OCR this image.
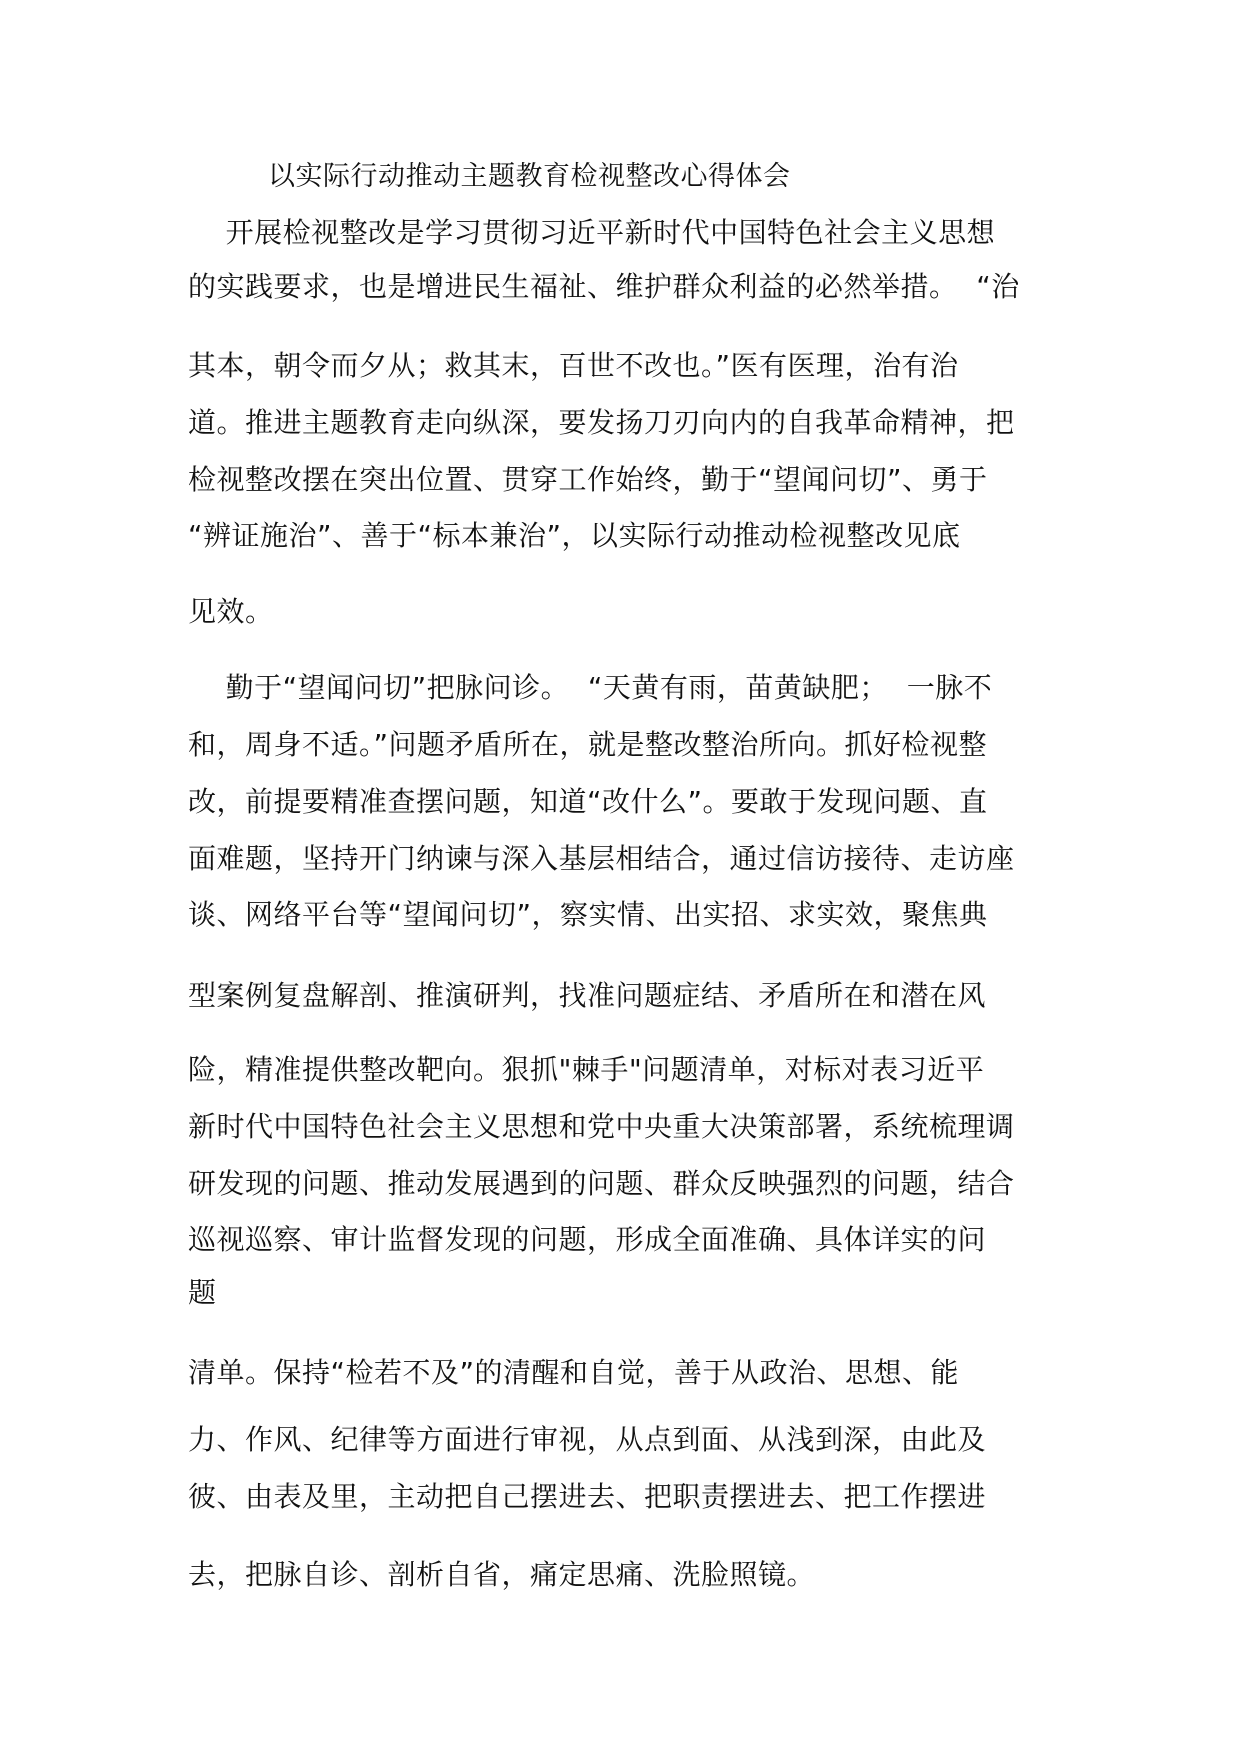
以实际行动推动主题教育检视整改心得体会
开展检视整改是学习贯彻习近平新时代中国特色社会主义思想
的实践要求，也是增进民生福祉、维护群众利益的必然举措。  “治
其本，朝令而夕从；救其末，百世不改也。”医有医理，治有治
道。推进主题教育走向纵深，要发扬刀刃向内的自我革命精神，把
检视整改摆在突出位置、贯穿工作始终，勤于“望闻问切”、勇于
“辨证施治”、善于“标本兼治”，以实际行动推动检视整改见底
见效。
勤于“望闻问切”把脉问诊。  “天黄有雨，苗黄缺肥；  一脉不
和，周身不适。”问题矛盾所在，就是整改整治所向。抓好检视整
改，前提要精准查摆问题，知道“改什么”。要敢于发现问题、直
面难题，坚持开门纳谏与深入基层相结合，通过信访接待、走访座
谈、网络平台等“望闻问切”，察实情、出实招、求实效，聚焦典
型案例复盘解剖、推演研判，找准问题症结、矛盾所在和潜在风
险，精准提供整改靶向。狠抓"棘手"问题清单，对标对表习近平
新时代中国特色社会主义思想和党中央重大决策部署，系统梳理调
研发现的问题、推动发展遇到的问题、群众反映强烈的问题，结合
巡视巡察、审计监督发现的问题，形成全面准确、具体详实的问
题
清单。保持“检若不及”的清醒和自觉，善于从政治、思想、能
力、作风、纪律等方面进行审视，从点到面、从浅到深，由此及
彼、由表及里，主动把自己摆进去、把职责摆进去、把工作摆进
去，把脉自诊、剖析自省，痛定思痛、洗脸照镜。
